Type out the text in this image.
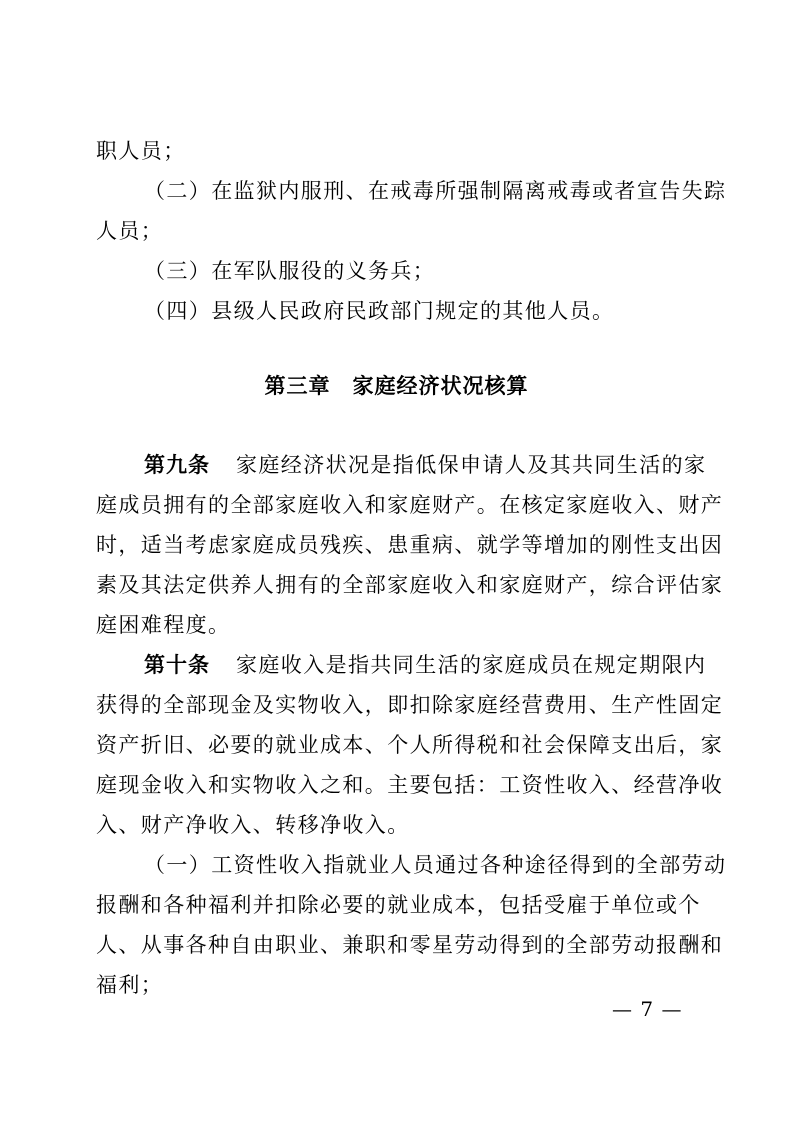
职人员；
（二）在监狱内服刑、在戒毒所强制隔离戒毒或者宣告失踪
人员；
（三）在军队服役的义务兵；
（四）县级人民政府民政部门规定的其他人员。
第三章　家庭经济状况核算
第九条 家庭经济状况是指低保申请人及其共同生活的家
庭成员拥有的全部家庭收入和家庭财产。在核定家庭收入、财产
时，适当考虑家庭成员残疾、患重病、就学等增加的刚性支出因
素及其法定供养人拥有的全部家庭收入和家庭财产，综合评估家
庭困难程度。
第十条 家庭收入是指共同生活的家庭成员在规定期限内
获得的全部现金及实物收入，即扣除家庭经营费用、生产性固定
资产折旧、必要的就业成本、个人所得税和社会保障支出后，家
庭现金收入和实物收入之和。主要包括：工资性收入、经营净收
入、财产净收入、转移净收入。
（一）工资性收入指就业人员通过各种途径得到的全部劳动
报酬和各种福利并扣除必要的就业成本，包括受雇于单位或个
人、从事各种自由职业、兼职和零星劳动得到的全部劳动报酬和
福利；
— 7 —
